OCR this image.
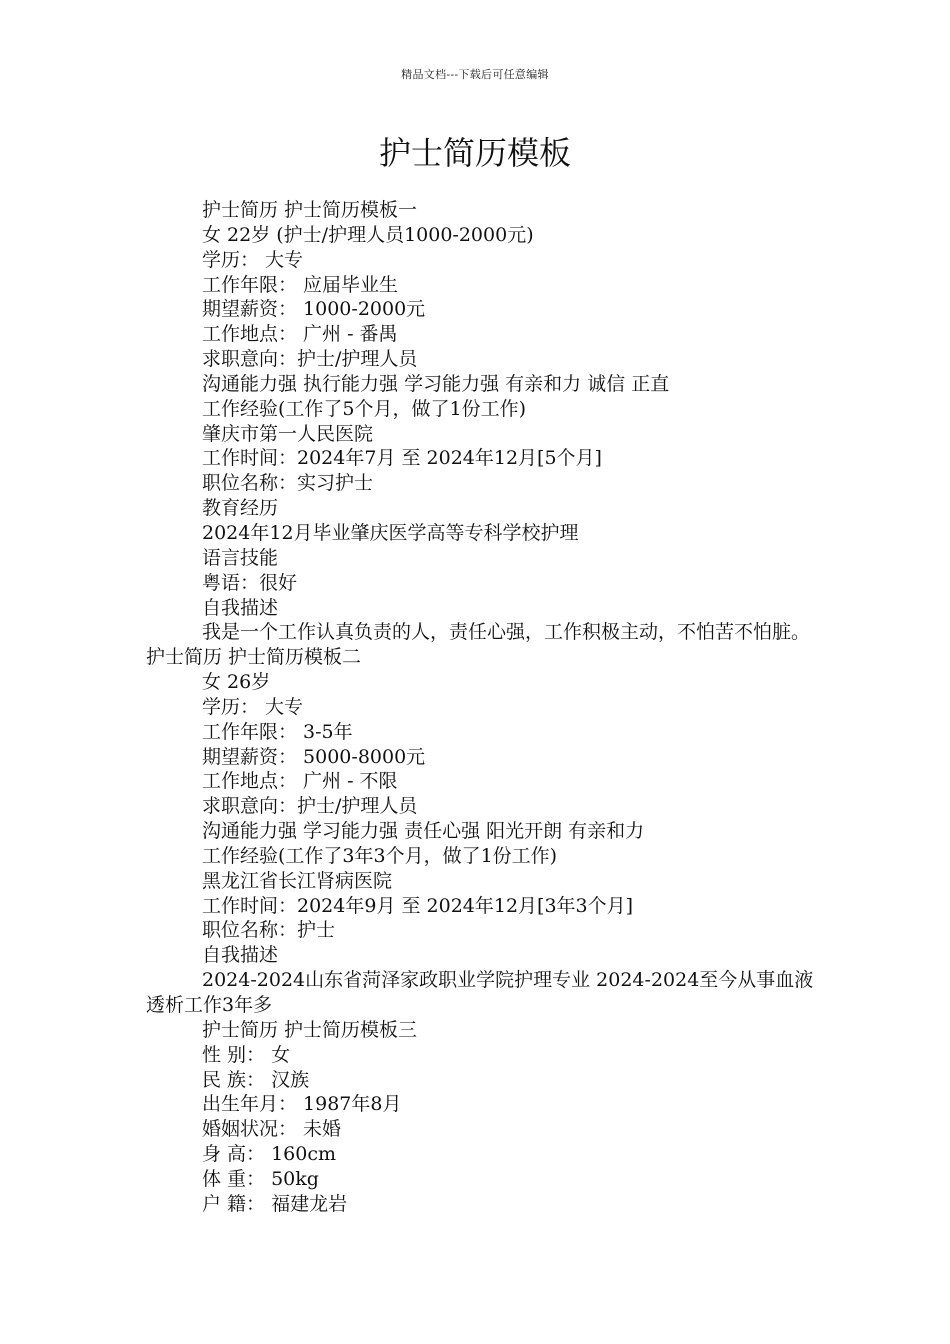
精品文档---下载后可任意编辑
护士简历模板

护士简历 护士简历模板一

女 22岁 (护士/护理人员1000-2000元)

学历： 大专

工作年限： 应届毕业生

期望薪资： 1000-2000元

工作地点： 广州 - 番禺

求职意向：护士/护理人员

沟通能力强 执行能力强 学习能力强 有亲和力 诚信 正直

工作经验(工作了5个月，做了1份工作)

肇庆市第一人民医院

工作时间：2024年7月 至 2024年12月[5个月]

职位名称：实习护士

教育经历

2024年12月毕业肇庆医学高等专科学校护理

语言技能

粤语：很好

自我描述

我是一个工作认真负责的人，责任心强，工作积极主动，不怕苦不怕脏。 护士简历 护士简历模板二

女 26岁

学历： 大专

工作年限： 3-5年

期望薪资： 5000-8000元

工作地点： 广州 - 不限

求职意向：护士/护理人员

沟通能力强 学习能力强 责任心强 阳光开朗 有亲和力

工作经验(工作了3年3个月，做了1份工作)

黑龙江省长江肾病医院

工作时间：2024年9月 至 2024年12月[3年3个月]

职位名称：护士

自我描述

2024-2024山东省菏泽家政职业学院护理专业 2024-2024至今从事血液透析工作3年多

护士简历 护士简历模板三

性 别： 女

民 族： 汉族

出生年月： 1987年8月

婚姻状况： 未婚

身 高： 160cm

体 重： 50kg

户 籍： 福建龙岩
